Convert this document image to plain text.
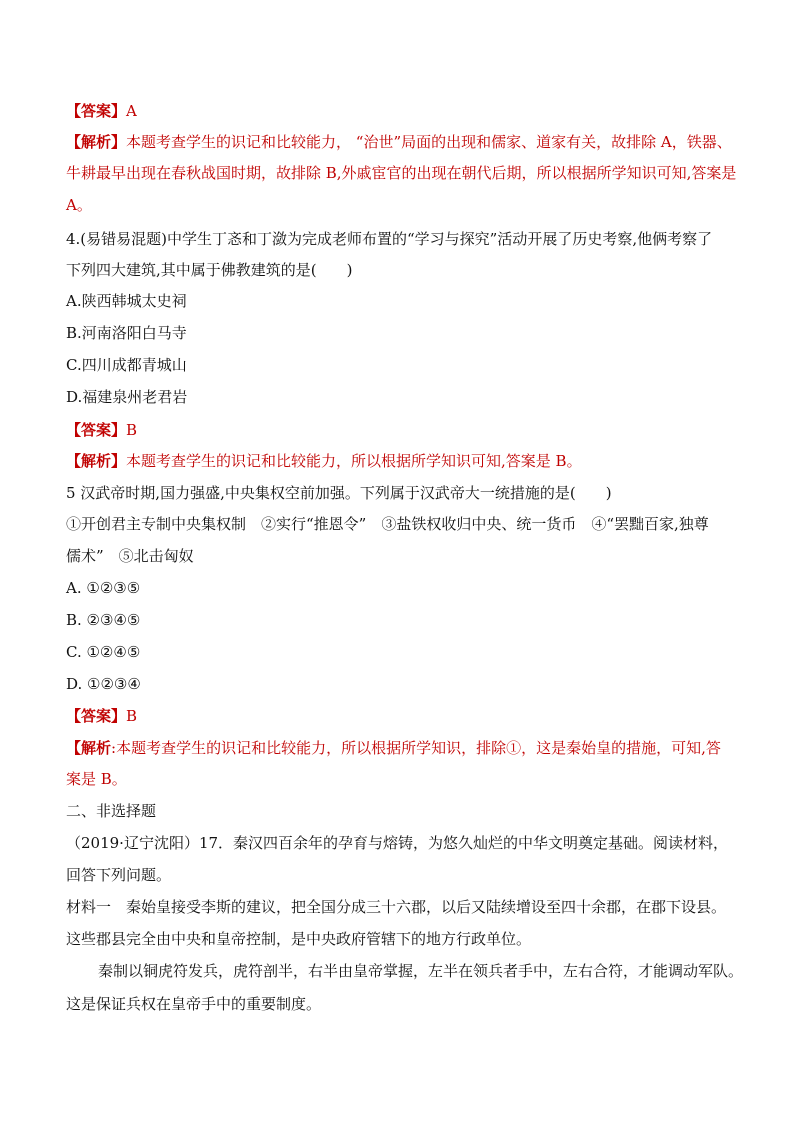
【答案】A
【解析】本题考查学生的识记和比较能力， “治世”局面的出现和儒家、道家有关，故排除 A，铁器、
牛耕最早出现在春秋战国时期，故排除 B,外戚宦官的出现在朝代后期，所以根据所学知识可知,答案是
A。
4.(易错易混题)中学生丁忞和丁潋为完成老师布置的“学习与探究”活动开展了历史考察,他俩考察了
下列四大建筑,其中属于佛教建筑的是(　　)
A.陕西韩城太史祠
B.河南洛阳白马寺
C.四川成都青城山
D.福建泉州老君岩
【答案】B
【解析】本题考查学生的识记和比较能力，所以根据所学知识可知,答案是 B。
5 汉武帝时期,国力强盛,中央集权空前加强。下列属于汉武帝大一统措施的是(　　)
①开创君主专制中央集权制　②实行“推恩令”　③盐铁权收归中央、统一货币　④“罢黜百家,独尊
儒术”　⑤北击匈奴
A. ①②③⑤
B. ②③④⑤
C. ①②④⑤
D. ①②③④
【答案】B
【解析:本题考查学生的识记和比较能力，所以根据所学知识，排除①，这是秦始皇的措施，可知,答
案是 B。
二、非选择题
（2019·辽宁沈阳）17．秦汉四百余年的孕育与熔铸，为悠久灿烂的中华文明奠定基础。阅读材料，
回答下列问题。
材料一　秦始皇接受李斯的建议，把全国分成三十六郡，以后又陆续增设至四十余郡，在郡下设县。
这些郡县完全由中央和皇帝控制，是中央政府管辖下的地方行政单位。
秦制以铜虎符发兵，虎符剖半，右半由皇帝掌握，左半在领兵者手中，左右合符，才能调动军队。
这是保证兵权在皇帝手中的重要制度。
